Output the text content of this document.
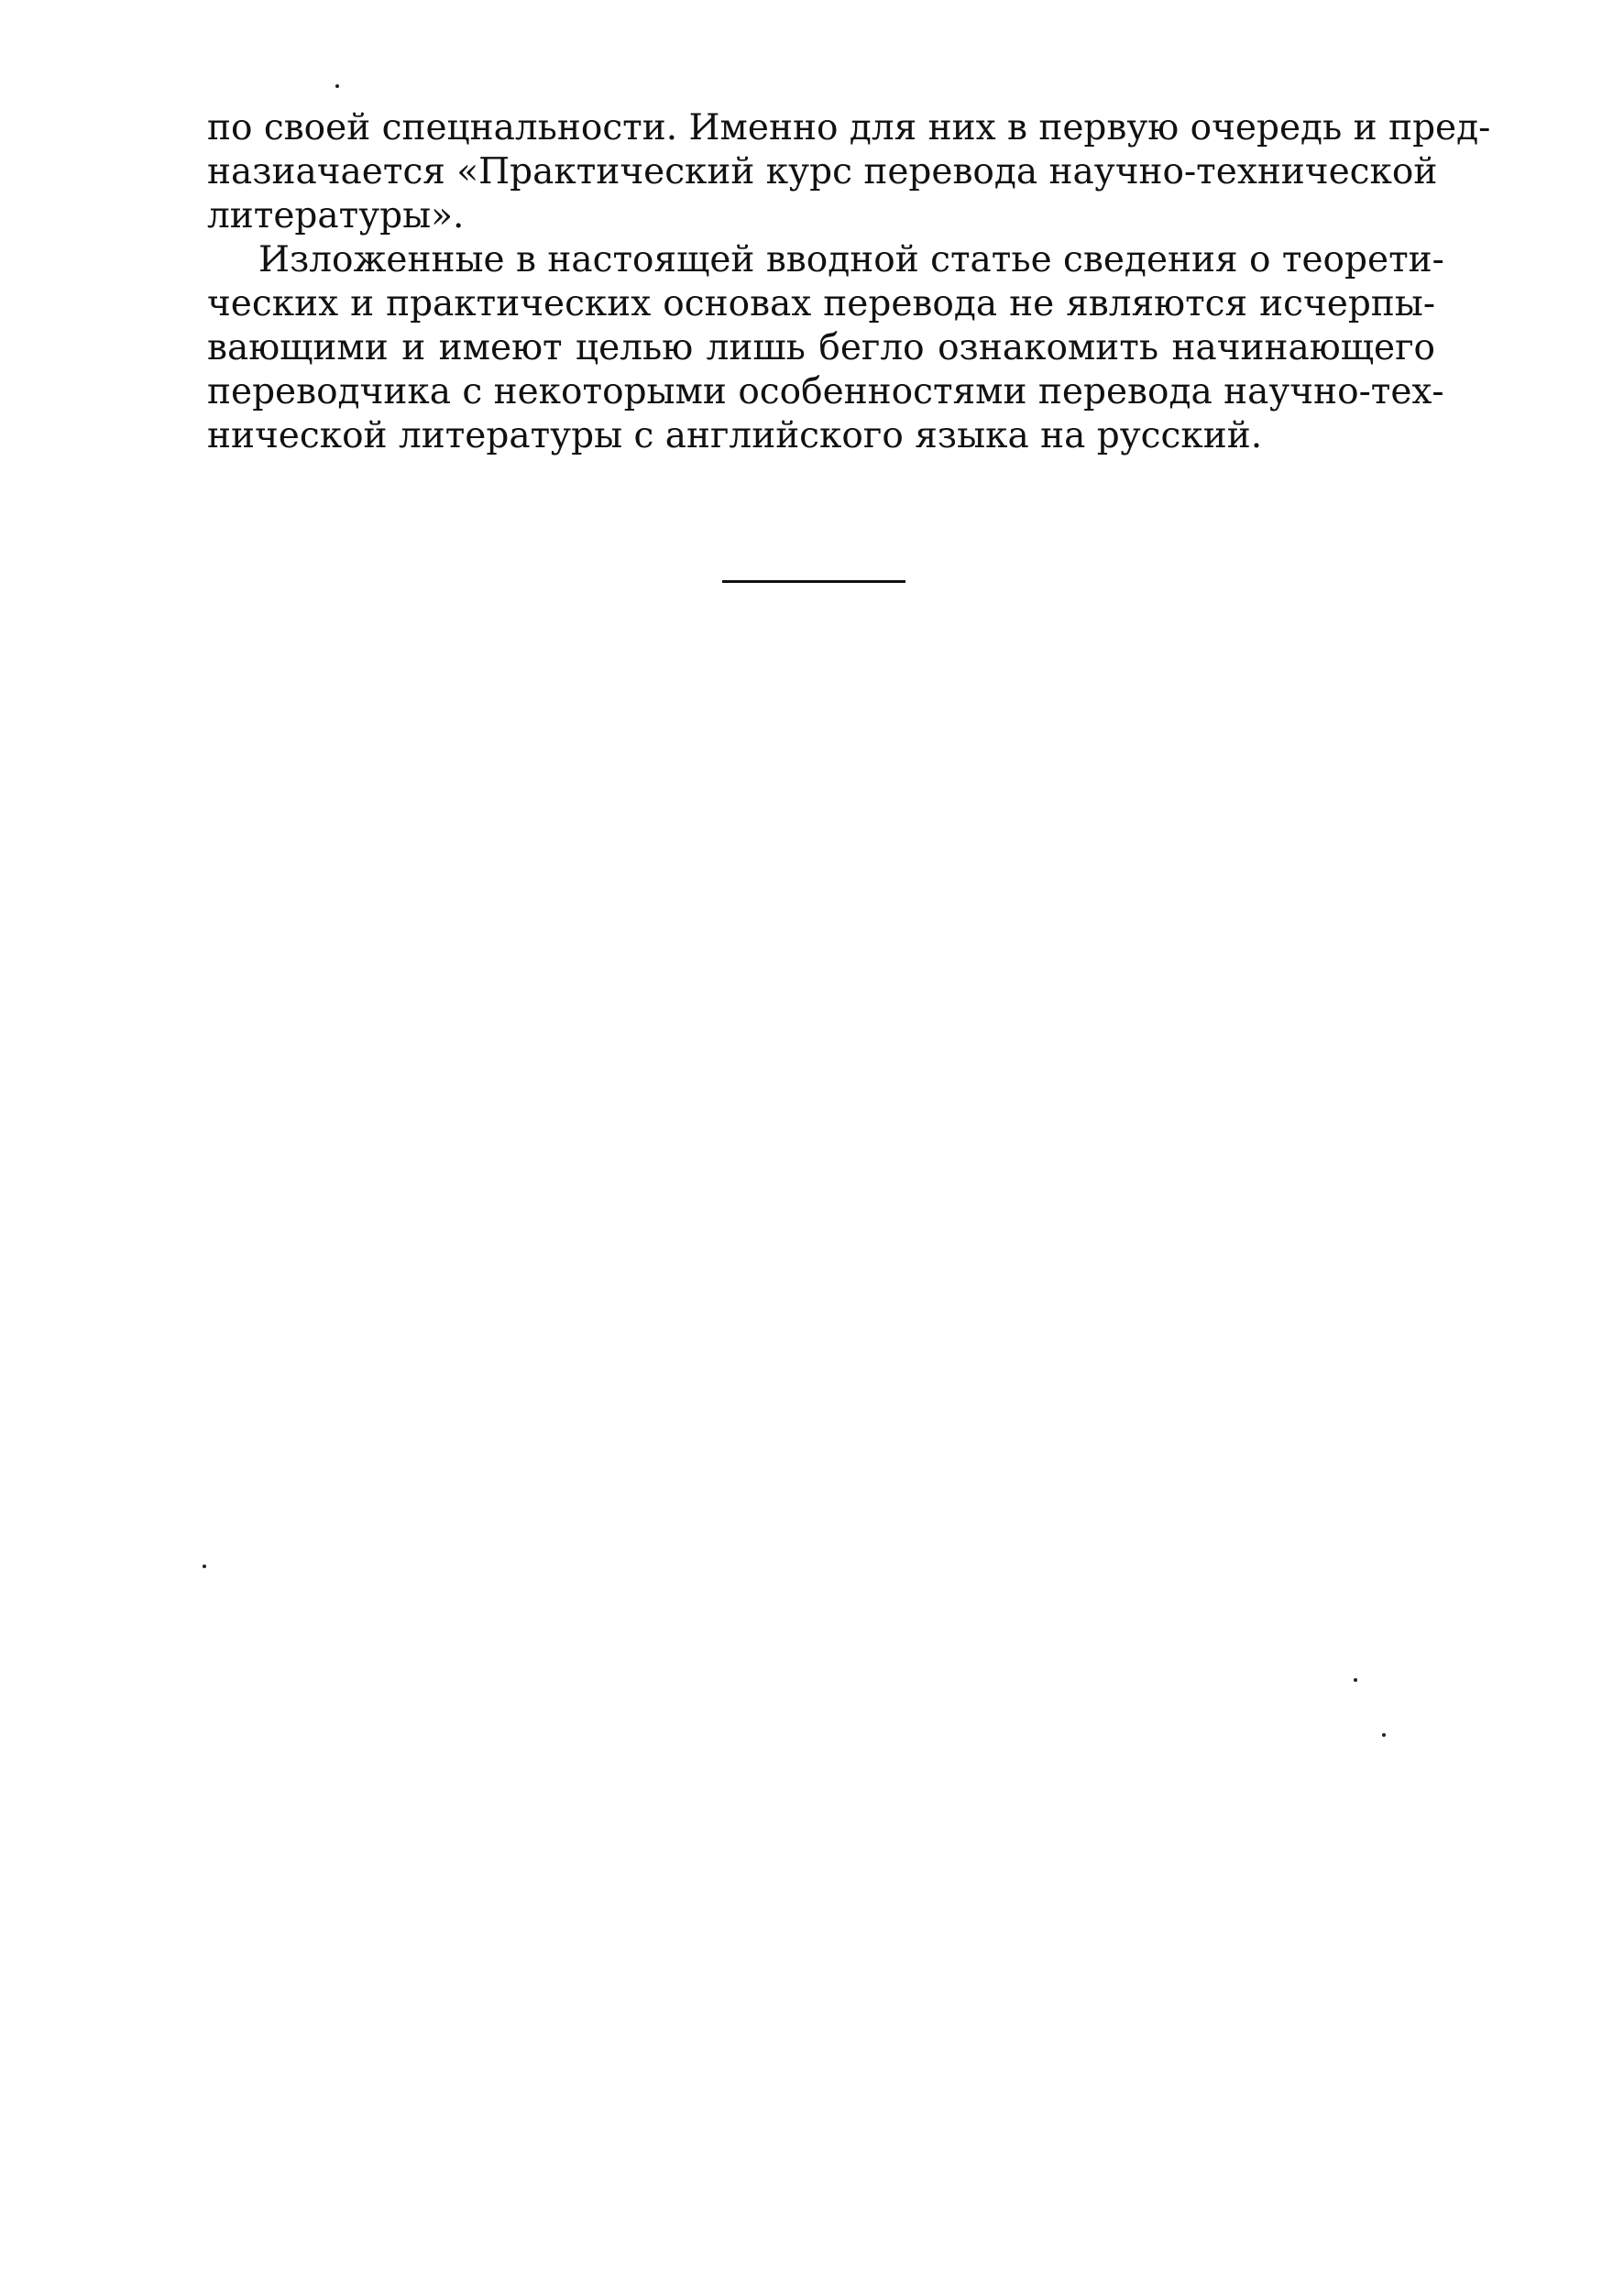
по своей спецнальности. Именно для них в первую очередь и пред-
назиачается «Практический курс перевода научно-технической
литературы».
Изложенные в настоящей вводной статье сведения о теорети-
ческих и практических основах перевода не являются исчерпы-
вающими и имеют целью лишь бегло ознакомить начинающего
переводчика с некоторыми особенностями перевода научно-тех-
нической литературы с английского языка на русский.
